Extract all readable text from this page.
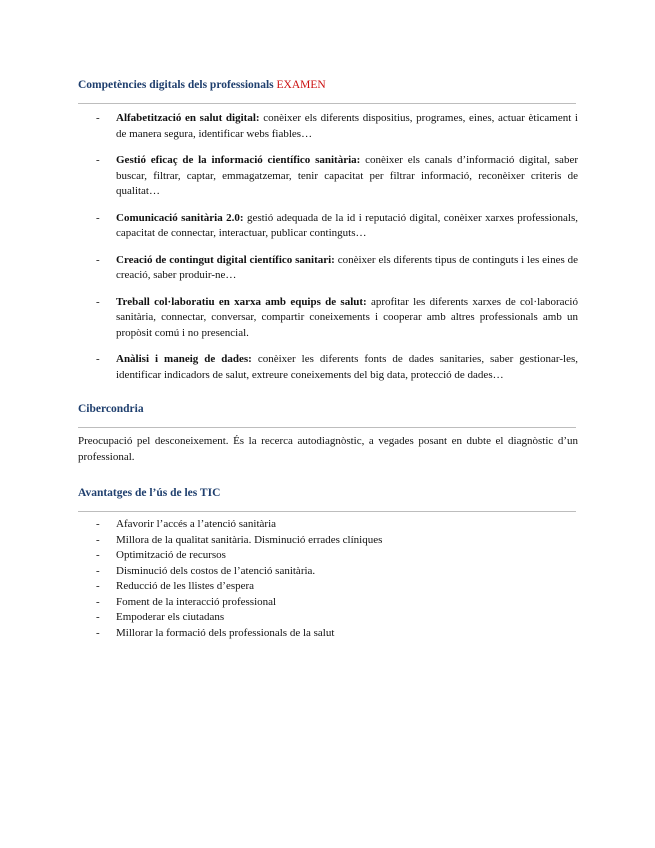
Competències digitals dels professionals EXAMEN

- Alfabetització en salut digital: conèixer els diferents dispositius, programes, eines, actuar èticament i de manera segura, identificar webs fiables…
- Gestió eficaç de la informació científico sanitària: conèixer els canals d’informació digital, saber buscar, filtrar, captar, emmagatzemar, tenir capacitat per filtrar informació, reconèixer criteris de qualitat…
- Comunicació sanitària 2.0: gestió adequada de la id i reputació digital, conèixer xarxes professionals, capacitat de connectar, interactuar, publicar continguts…
- Creació de contingut digital científico sanitari: conèixer els diferents tipus de continguts i les eines de creació, saber produir-ne…
- Treball col·laboratiu en xarxa amb equips de salut: aprofitar les diferents xarxes de col·laboració sanitària, connectar, conversar, compartir coneixements i cooperar amb altres professionals amb un propòsit comú i no presencial.
- Anàlisi i maneig de dades: conèixer les diferents fonts de dades sanitaries, saber gestionar-les, identificar indicadors de salut, extreure coneixements del big data, protecció de dades…

Cibercondria

Preocupació pel desconeixement. És la recerca autodiagnòstic, a vegades posant en dubte el diagnòstic d’un professional.

Avantatges de l’ús de les TIC

- Afavorir l’accés a l’atenció sanitària
- Millora de la qualitat sanitària. Disminució errades clíniques
- Optimització de recursos
- Disminució dels costos de l’atenció sanitària.
- Reducció de les llistes d’espera
- Foment de la interacció professional
- Empoderar els ciutadans
- Millorar la formació dels professionals de la salut
